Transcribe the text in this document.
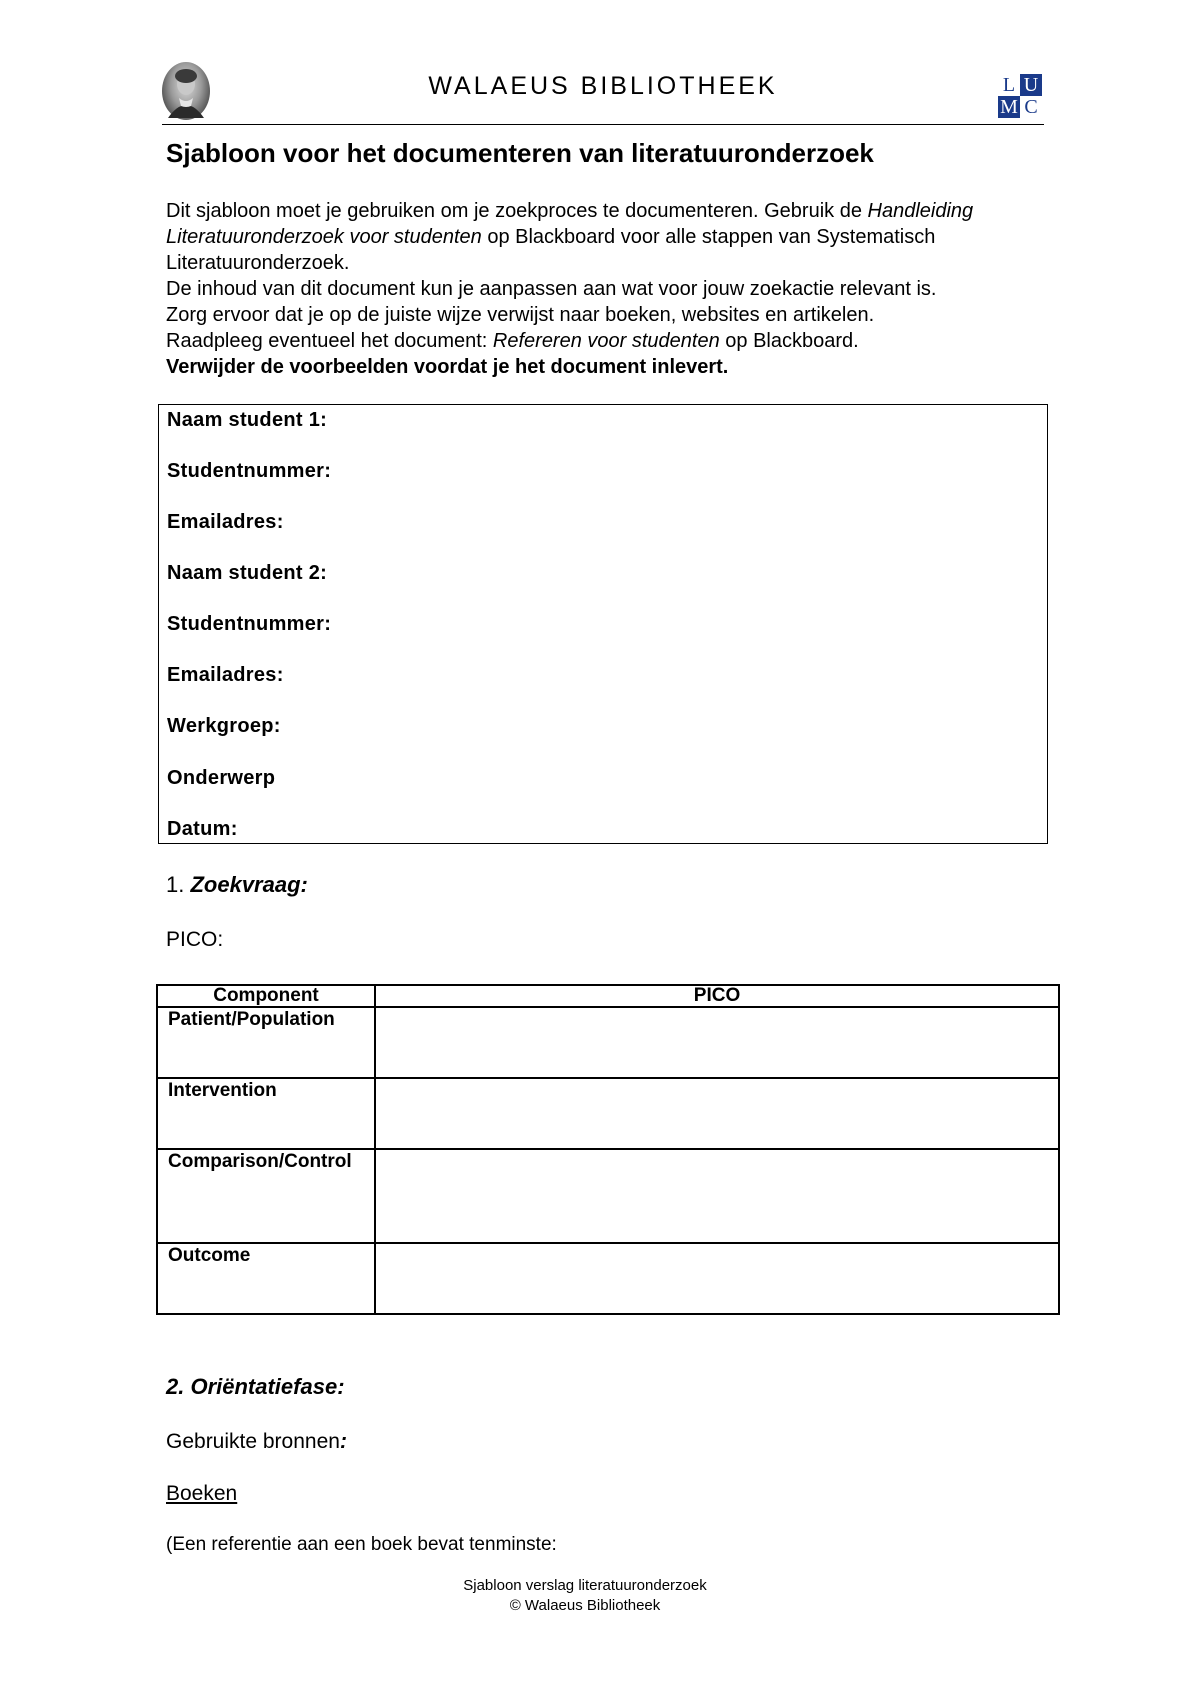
WALAEUS BIBLIOTHEEK	L U
M C
Sjabloon voor het documenteren van literatuuronderzoek

Dit sjabloon moet je gebruiken om je zoekproces te documenteren. Gebruik de Handleiding Literatuuronderzoek voor studenten op Blackboard voor alle stappen van Systematisch Literatuuronderzoek.

De inhoud van dit document kun je aanpassen aan wat voor jouw zoekactie relevant is.

Zorg ervoor dat je op de juiste wijze verwijst naar boeken, websites en artikelen.

Raadpleeg eventueel het document: Refereren voor studenten op Blackboard.

Verwijder de voorbeelden voordat je het document inlevert.

Naam student 1:
Studentnummer:
Emailadres:
Naam student 2:
Studentnummer:
Emailadres:
Werkgroep:
Onderwerp
Datum:
1. Zoekvraag:
PICO:
Component	PICO
Patient/Population	
Intervention	
Comparison/Control	
Outcome	
2. Oriëntatiefase:
Gebruikte bronnen:
Boeken
(Een referentie aan een boek bevat tenminste:
Sjabloon verslag literatuuronderzoek
© Walaeus Bibliotheek
